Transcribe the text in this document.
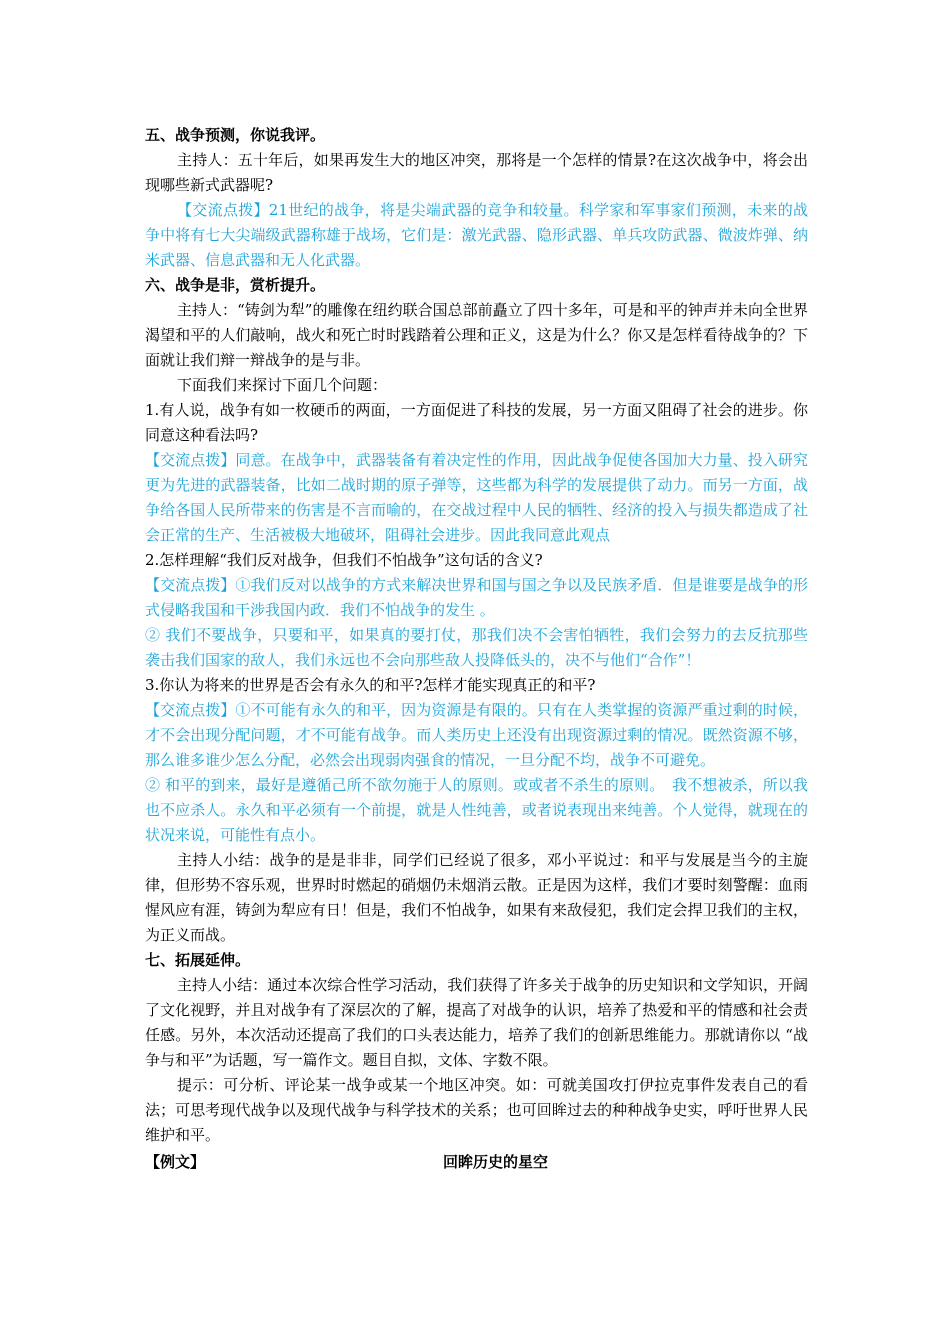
五、战争预测，你说我评。

主持人：五十年后，如果再发生大的地区冲突，那将是一个怎样的情景?在这次战争中，将会出现哪些新式武器呢?

【交流点拨】21世纪的战争，将是尖端武器的竞争和较量。科学家和军事家们预测，未来的战争中将有七大尖端级武器称雄于战场，它们是：激光武器、隐形武器、单兵攻防武器、微波炸弹、纳米武器、信息武器和无人化武器。

六、战争是非，赏析提升。

主持人：“铸剑为犁”的雕像在纽约联合国总部前矗立了四十多年，可是和平的钟声并未向全世界渴望和平的人们敲响，战火和死亡时时践踏着公理和正义，这是为什么？你又是怎样看待战争的？下面就让我们辩一辩战争的是与非。

下面我们来探讨下面几个问题：

1.有人说，战争有如一枚硬币的两面，一方面促进了科技的发展，另一方面又阻碍了社会的进步。你同意这种看法吗?

【交流点拨】同意。在战争中，武器装备有着决定性的作用，因此战争促使各国加大力量、投入研究更为先进的武器装备，比如二战时期的原子弹等，这些都为科学的发展提供了动力。而另一方面，战争给各国人民所带来的伤害是不言而喻的，在交战过程中人民的牺牲、经济的投入与损失都造成了社会正常的生产、生活被极大地破坏，阻碍社会进步。因此我同意此观点

2.怎样理解“我们反对战争，但我们不怕战争”这句话的含义?

【交流点拨】①我们反对以战争的方式来解决世界和国与国之争以及民族矛盾．但是谁要是战争的形式侵略我国和干涉我国内政．我们不怕战争的发生 。

② 我们不要战争，只要和平，如果真的要打仗，那我们决不会害怕牺牲，我们会努力的去反抗那些袭击我们国家的敌人，我们永远也不会向那些敌人投降低头的，决不与他们“合作”！

3.你认为将来的世界是否会有永久的和平?怎样才能实现真正的和平?

【交流点拨】①不可能有永久的和平，因为资源是有限的。只有在人类掌握的资源严重过剩的时候，才不会出现分配问题，才不可能有战争。而人类历史上还没有出现资源过剩的情况。既然资源不够，那么谁多谁少怎么分配，必然会出现弱肉强食的情况，一旦分配不均，战争不可避免。

② 和平的到来，最好是遵循己所不欲勿施于人的原则。或或者不杀生的原则。　我不想被杀，所以我也不应杀人。永久和平必须有一个前提，就是人性纯善，或者说表现出来纯善。个人觉得，就现在的状况来说，可能性有点小。

主持人小结：战争的是是非非，同学们已经说了很多，邓小平说过：和平与发展是当今的主旋律，但形势不容乐观，世界时时燃起的硝烟仍未烟消云散。正是因为这样，我们才要时刻警醒：血雨惺风应有涯，铸剑为犁应有日！但是，我们不怕战争，如果有来敌侵犯，我们定会捍卫我们的主权，为正义而战。

七、拓展延伸。

主持人小结：通过本次综合性学习活动，我们获得了许多关于战争的历史知识和文学知识，开阔了文化视野，并且对战争有了深层次的了解，提高了对战争的认识，培养了热爱和平的情感和社会责任感。另外，本次活动还提高了我们的口头表达能力，培养了我们的创新思维能力。那就请你以 “战争与和平”为话题，写一篇作文。题目自拟，文体、字数不限。

提示：可分析、评论某一战争或某一个地区冲突。如：可就美国攻打伊拉克事件发表自己的看法；可思考现代战争以及现代战争与科学技术的关系；也可回眸过去的种种战争史实，呼吁世界人民维护和平。

【例文】	回眸历史的星空
